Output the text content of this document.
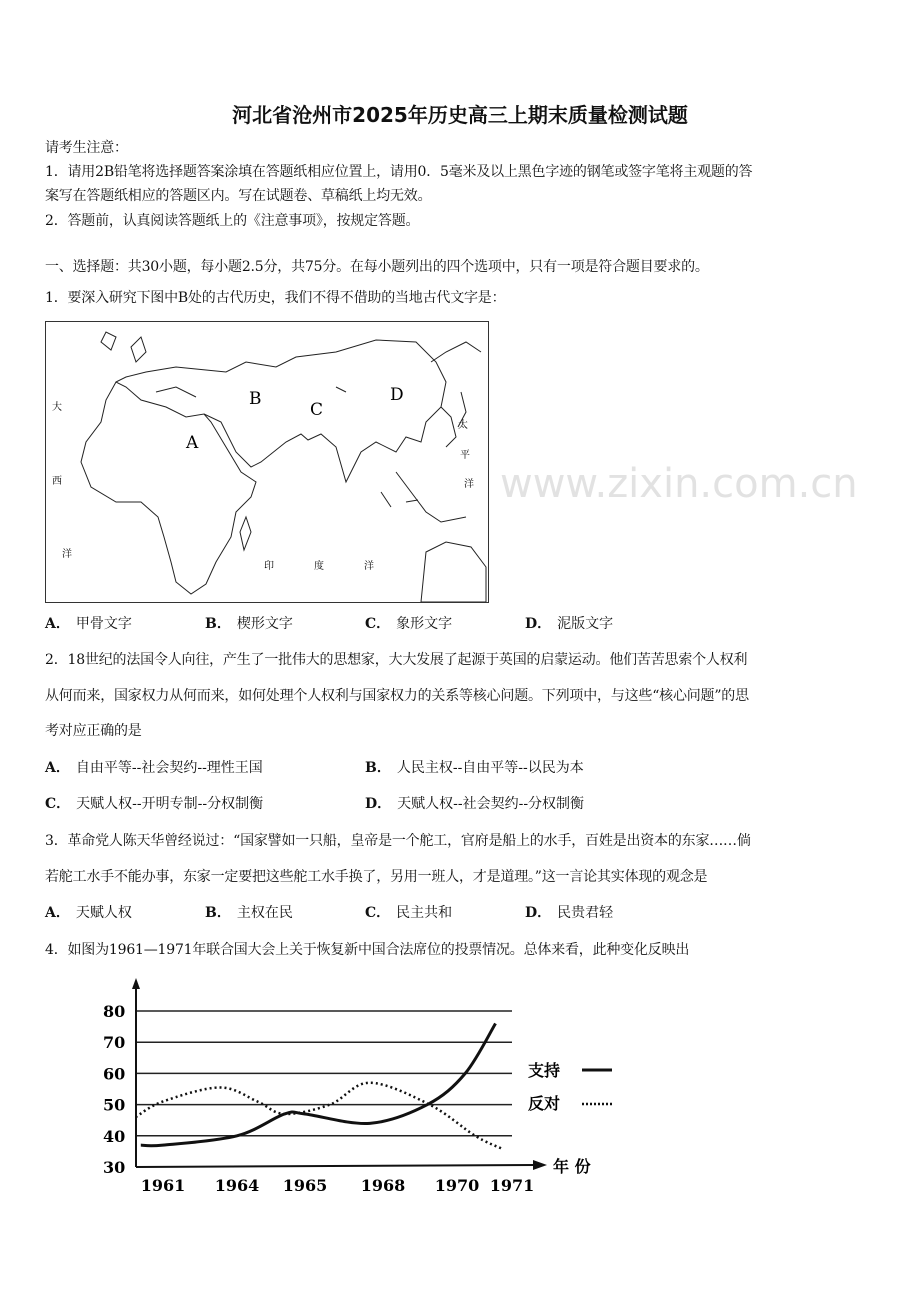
www.zixin.com.cn
河北省沧州市2025年历史高三上期末质量检测试题
请考生注意：
1．请用2B铅笔将选择题答案涂填在答题纸相应位置上，请用0．5毫米及以上黑色字迹的钢笔或签字笔将主观题的答
案写在答题纸相应的答题区内。写在试题卷、草稿纸上均无效。
2．答题前，认真阅读答题纸上的《注意事项》，按规定答题。
一、选择题：共30小题，每小题2.5分，共75分。在每小题列出的四个选项中，只有一项是符合题目要求的。
1．要深入研究下图中B处的古代历史，我们不得不借助的当地古代文字是：
A
B
C
D
大
西
洋
太
平
洋
印	度	洋
A． 甲骨文字	B． 楔形文字	C． 象形文字	D． 泥版文字
2．18世纪的法国令人向往，产生了一批伟大的思想家，大大发展了起源于英国的启蒙运动。他们苦苦思索个人权利
从何而来，国家权力从何而来，如何处理个人权利与国家权力的关系等核心问题。下列项中，与这些“核心问题”的思
考对应正确的是
A． 自由平等--社会契约--理性王国	B． 人民主权--自由平等--以民为本
C． 天赋人权--开明专制--分权制衡	D． 天赋人权--社会契约--分权制衡
3．革命党人陈天华曾经说过：“国家譬如一只船，皇帝是一个舵工，官府是船上的水手，百姓是出资本的东家……倘
若舵工水手不能办事，东家一定要把这些舵工水手换了，另用一班人，才是道理。”这一言论其实体现的观念是
A． 天赋人权	B． 主权在民	C． 民主共和	D． 民贵君轻
4．如图为1961—1971年联合国大会上关于恢复新中国合法席位的投票情况。总体来看，此种变化反映出
年 份
30
40
50
60
70
80
1961 1964 1965 1968 1970 1971
支持
反对
